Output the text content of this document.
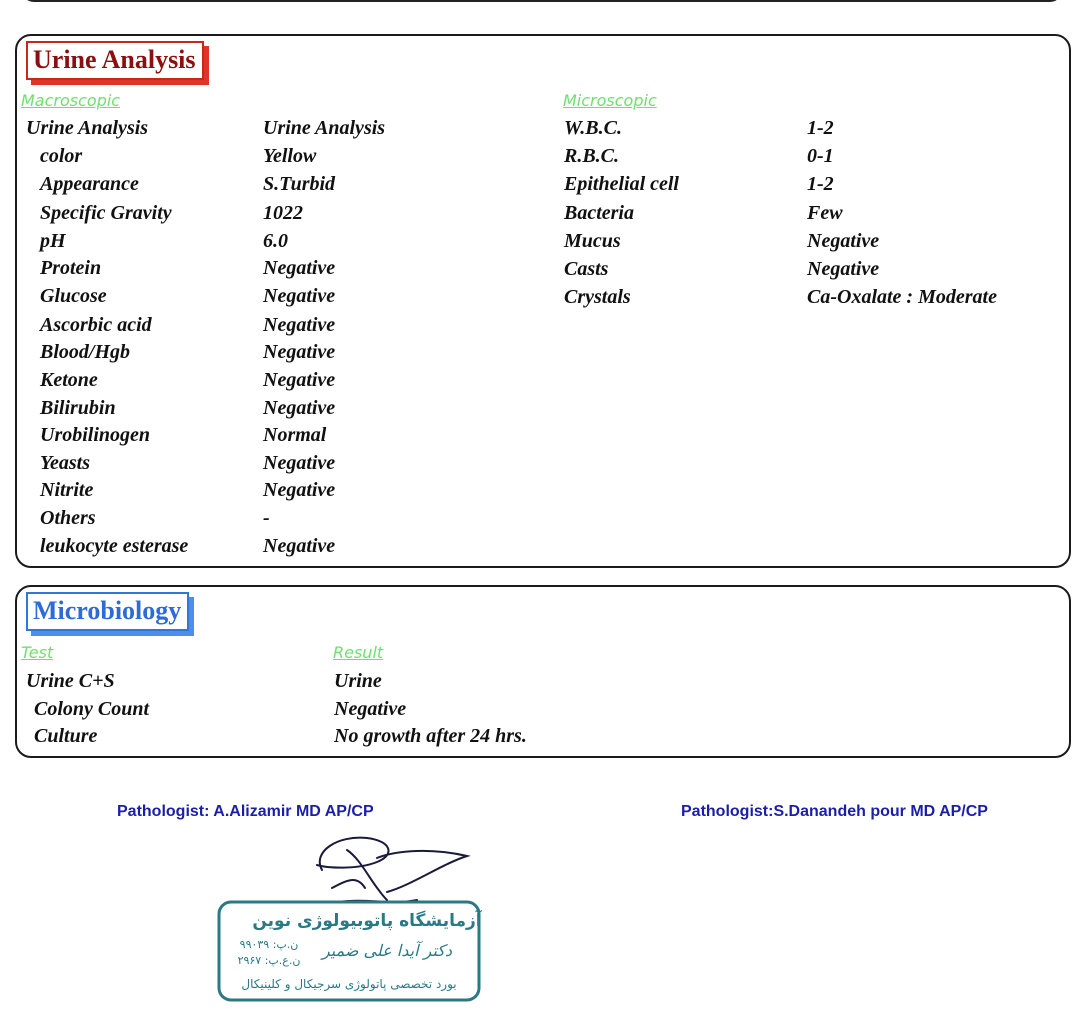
Urine Analysis
Macroscopic	Microscopic
Urine Analysis	Urine Analysis
color	Yellow
Appearance	S.Turbid
Specific Gravity	1022
pH	6.0
Protein	Negative
Glucose	Negative
Ascorbic acid	Negative
Blood/Hgb	Negative
Ketone	Negative
Bilirubin	Negative
Urobilinogen	Normal
Yeasts	Negative
Nitrite	Negative
Others	-
leukocyte esterase	Negative
W.B.C.	1-2
R.B.C.	0-1
Epithelial cell	1-2
Bacteria	Few
Mucus	Negative
Casts	Negative
Crystals	Ca-Oxalate : Moderate
Microbiology
Test	Result
Urine C+S	Urine
Colony Count	Negative
Culture	No growth after 24 hrs.
Pathologist: A.Alizamir MD AP/CP	Pathologist:S.Danandeh pour MD AP/CP
آزمایشگاه پاتوبیولوژی نوین
دکتر آیدا علی ضمیر
ن.پ: ۹۹۰۳۹
ن.ع.پ: ۲۹۶۷
بورد تخصصی پاتولوژی سرجیکال و کلینیکال
